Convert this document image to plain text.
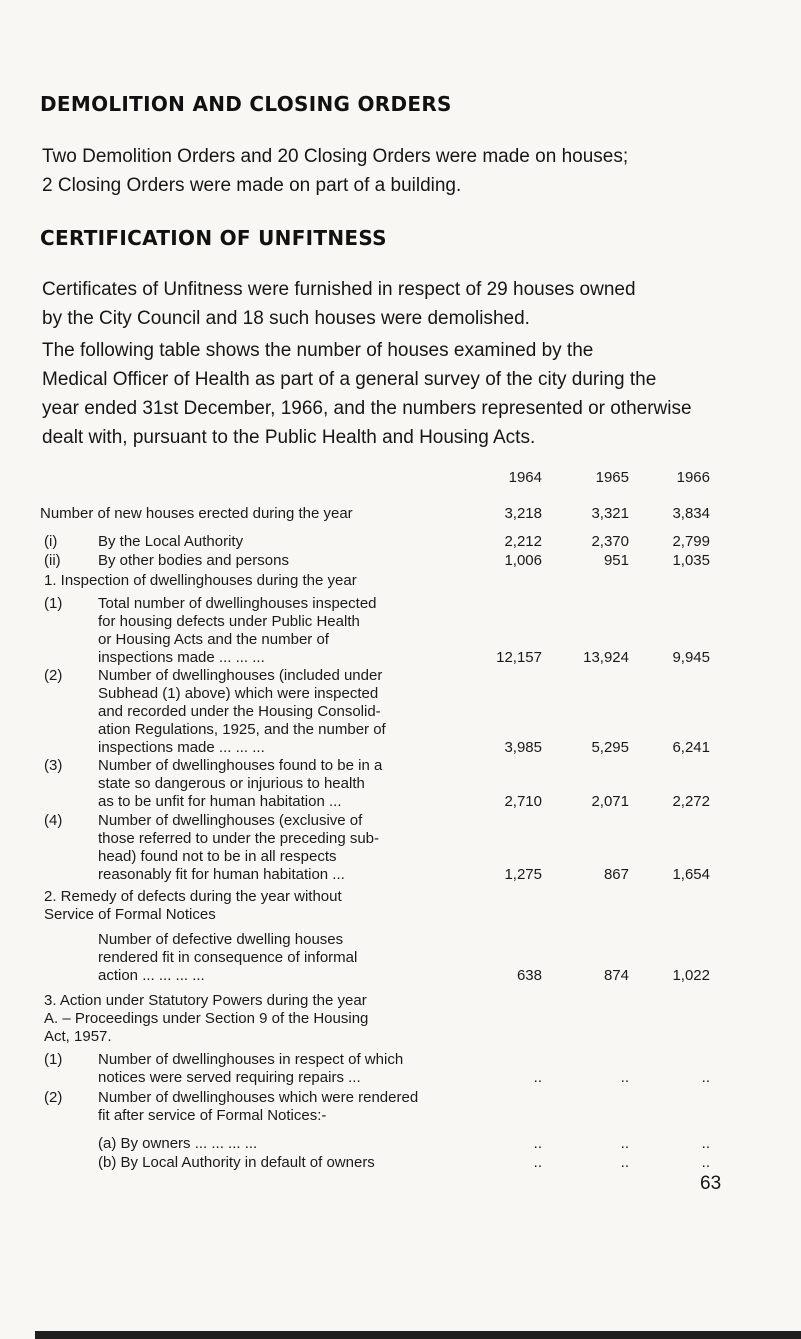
DEMOLITION AND CLOSING ORDERS

Two Demolition Orders and 20 Closing Orders were made on houses;
2 Closing Orders were made on part of a building.

CERTIFICATION OF UNFITNESS

Certificates of Unfitness were furnished in respect of 29 houses owned
by the City Council and 18 such houses were demolished.

The following table shows the number of houses examined by the
Medical Officer of Health as part of a general survey of the city during the
year ended 31st December, 1966, and the numbers represented or otherwise
dealt with, pursuant to the Public Health and Housing Acts.

1964	1965	1966
Number of new houses erected during the year	3,218	3,321	3,834
(i)	By the Local Authority	2,212	2,370	2,799
(ii) By other bodies and persons	1,006	951	1,035
1. Inspection of dwellinghouses during the year
(1) Total number of dwellinghouses inspected
for housing defects under Public Health
or Housing Acts and the number of
inspections made ... ... ...	12,157	13,924	9,945
(2) Number of dwellinghouses (included under
Subhead (1) above) which were inspected
and recorded under the Housing Consolid-
ation Regulations, 1925, and the number of
inspections made ... ... ...	3,985	5,295	6,241
(3) Number of dwellinghouses found to be in a
state so dangerous or injurious to health
as to be unfit for human habitation ...	2,710	2,071	2,272
(4) Number of dwellinghouses (exclusive of
those referred to under the preceding sub-
head) found not to be in all respects
reasonably fit for human habitation ...	1,275	867	1,654
2. Remedy of defects during the year without
Service of Formal Notices
Number of defective dwelling houses
rendered fit in consequence of informal
action ... ... ... ...	638	874	1,022
3. Action under Statutory Powers during the year
A. – Proceedings under Section 9 of the Housing
Act, 1957.
(1) Number of dwellinghouses in respect of which
notices were served requiring repairs ...	..	..	..
(2) Number of dwellinghouses which were rendered
fit after service of Formal Notices:-
(a) By owners ... ... ... ...	..	..	..
(b) By Local Authority in default of owners	..	..	..
63
